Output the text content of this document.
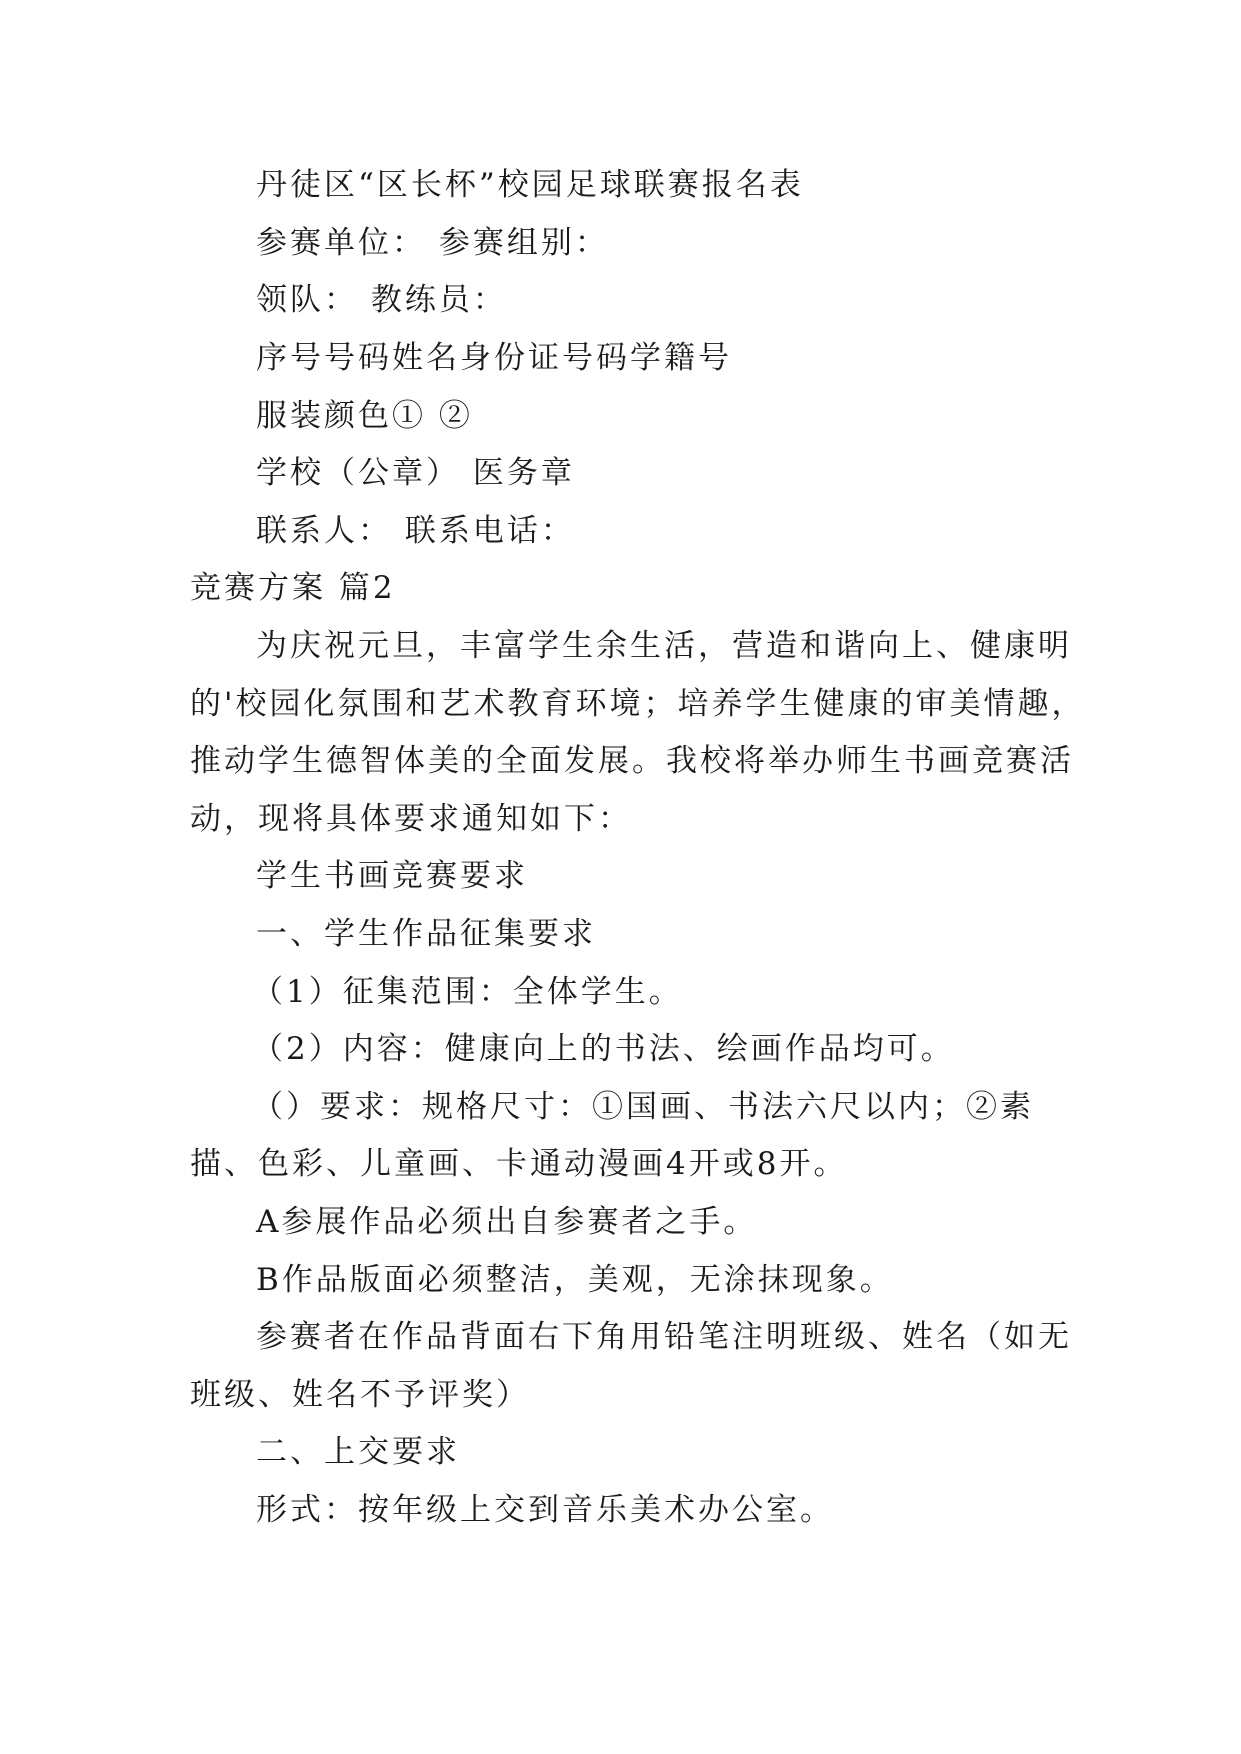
丹徒区“区长杯”校园足球联赛报名表
参赛单位： 参赛组别：
领队： 教练员：
序号号码姓名身份证号码学籍号
服装颜色① ②
学校（公章） 医务章
联系人： 联系电话：
竞赛方案 篇2
为庆祝元旦，丰富学生余生活，营造和谐向上、健康明
的'校园化氛围和艺术教育环境；培养学生健康的审美情趣，
推动学生德智体美的全面发展。我校将举办师生书画竞赛活
动，现将具体要求通知如下：
学生书画竞赛要求
一、学生作品征集要求
（1）征集范围：全体学生。
（2）内容：健康向上的书法、绘画作品均可。
（）要求：规格尺寸：①国画、书法六尺以内；②素
描、色彩、儿童画、卡通动漫画4开或8开。
A参展作品必须出自参赛者之手。
B作品版面必须整洁，美观，无涂抹现象。
参赛者在作品背面右下角用铅笔注明班级、姓名（如无
班级、姓名不予评奖）
二、上交要求
形式：按年级上交到音乐美术办公室。
